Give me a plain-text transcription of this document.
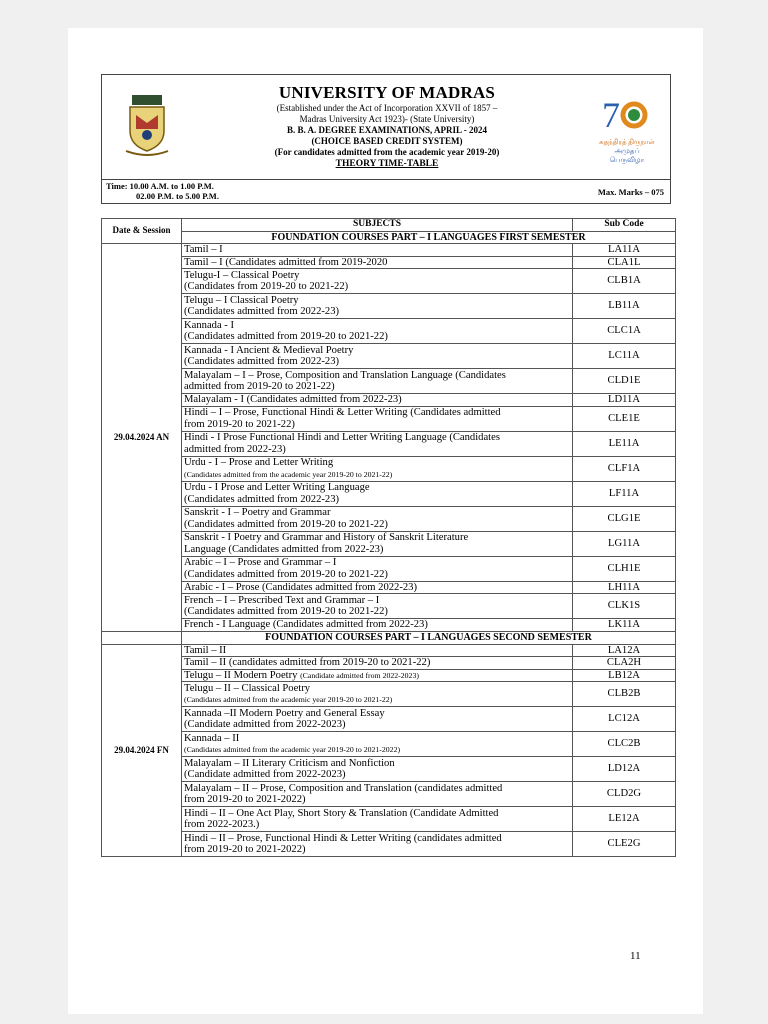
UNIVERSITY OF MADRAS
(Established under the Act of Incorporation XXVII of 1857 –
Madras University Act 1923)- (State University)
B. B. A. DEGREE EXAMINATIONS, APRIL - 2024
(CHOICE BASED CREDIT SYSTEM)
(For candidates admitted from the academic year 2019-20)
THEORY TIME-TABLE
7
சுதந்திரத் திருநாள்
அமுதப் பெருவிழா
Time: 10.00 A.M. to 1.00 P.M.
02.00 P.M. to 5.00 P.M.	Max. Marks – 075
Date & Session	SUBJECTS	Sub Code
	FOUNDATION COURSES PART – I LANGUAGES FIRST SEMESTER	
29.04.2024 AN	Tamil – I	LA11A

	Tamil – I (Candidates admitted from 2019-2020	CLA1L

	Telugu-I – Classical Poetry
(Candidates from 2019-20 to 2021-22)	CLB1A

	Telugu – I Classical Poetry
(Candidates admitted from 2022-23)	LB11A

	Kannada - I
(Candidates admitted from 2019-20 to 2021-22)	CLC1A

	Kannada - I Ancient & Medieval Poetry
(Candidates admitted from 2022-23)	LC11A

	Malayalam – I – Prose, Composition and Translation Language (Candidates
admitted from 2019-20 to 2021-22)	CLD1E

	Malayalam - I (Candidates admitted from 2022-23)	LD11A

	Hindi – I – Prose, Functional Hindi & Letter Writing (Candidates admitted
from 2019-20 to 2021-22)	CLE1E

	Hindi - I Prose Functional Hindi and Letter Writing Language (Candidates
admitted from 2022-23)	LE11A

	Urdu - I – Prose and Letter Writing
(Candidates admitted from the academic year 2019-20 to 2021-22)	CLF1A

	Urdu - I Prose and Letter Writing Language
(Candidates admitted from 2022-23)	LF11A

	Sanskrit - I – Poetry and Grammar
(Candidates admitted from 2019-20 to 2021-22)	CLG1E

	Sanskrit - I Poetry and Grammar and History of Sanskrit Literature
Language (Candidates admitted from 2022-23)	LG11A

	Arabic – I – Prose and Grammar – I
(Candidates admitted from 2019-20 to 2021-22)	CLH1E

	Arabic - I – Prose (Candidates admitted from 2022-23)	LH11A

	French – I – Prescribed Text and Grammar – I
(Candidates admitted from 2019-20 to 2021-22)	CLK1S

	French - I Language (Candidates admitted from 2022-23)	LK11A
	FOUNDATION COURSES PART – I LANGUAGES SECOND SEMESTER	
29.04.2024 FN	Tamil – II	LA12A

	Tamil – II (candidates admitted from 2019-20 to 2021-22)	CLA2H
	Telugu – II Modern Poetry (Candidate admitted from 2022-2023)	LB12A

	Telugu – II – Classical Poetry
(Candidates admitted from the academic year 2019-20 to 2021-22)	CLB2B

	Kannada –II Modern Poetry and General Essay
(Candidate admitted from 2022-2023)	LC12A

	Kannada – II
(Candidates admitted from the academic year 2019-20 to 2021-2022)	CLC2B

	Malayalam – II Literary Criticism and Nonfiction
(Candidate admitted from 2022-2023)	LD12A

	Malayalam – II – Prose, Composition and Translation (candidates admitted
from 2019-20 to 2021-2022)	CLD2G

	Hindi – II – One Act Play, Short Story & Translation (Candidate Admitted
from 2022-2023.)	LE12A

	Hindi – II – Prose, Functional Hindi & Letter Writing (candidates admitted
from 2019-20 to 2021-2022)	CLE2G
11
